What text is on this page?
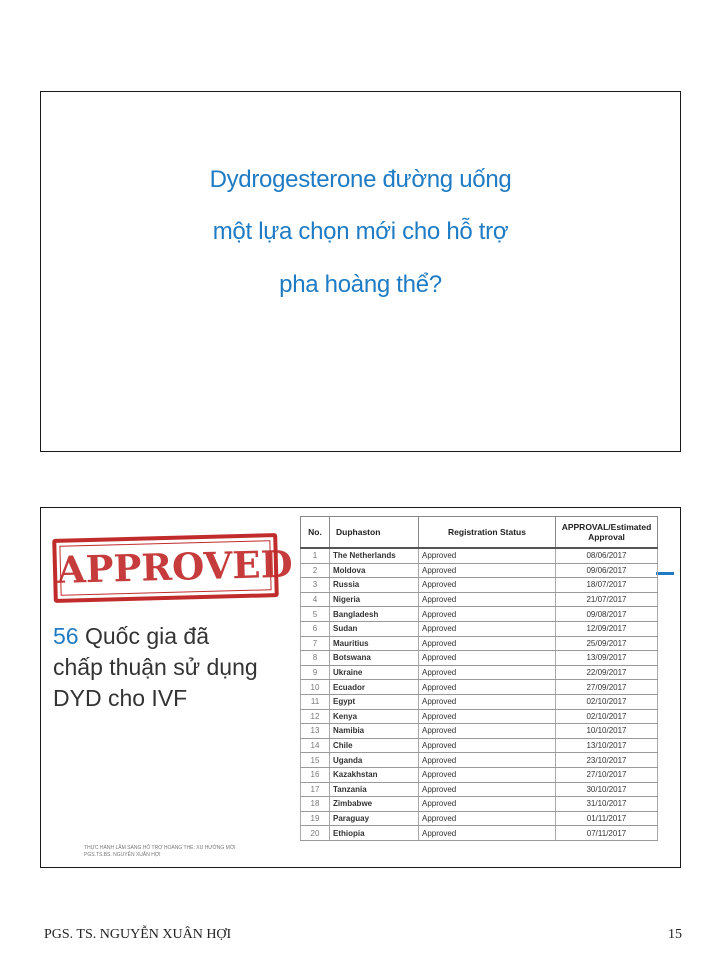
Dydrogesterone đường uống
một lựa chọn mới cho hỗ trợ
pha hoàng thể?
APPROVED
56 Quốc gia đã
chấp thuận sử dụng
DYD cho IVF
THỰC HÀNH LÂM SÀNG HỖ TRỢ HOÀNG THỂ: XU HƯỚNG MỚI
PGS.TS.BS. NGUYỄN XUÂN HỢI
No.	Duphaston	Registration Status	APPROVAL/Estimated Approval
1	The Netherlands	Approved	08/06/2017
2	Moldova	Approved	09/06/2017
3	Russia	Approved	18/07/2017
4	Nigeria	Approved	21/07/2017
5	Bangladesh	Approved	09/08/2017
6	Sudan	Approved	12/09/2017
7	Mauritius	Approved	25/09/2017
8	Botswana	Approved	13/09/2017
9	Ukraine	Approved	22/09/2017
10	Ecuador	Approved	27/09/2017
11	Egypt	Approved	02/10/2017
12	Kenya	Approved	02/10/2017
13	Namibia	Approved	10/10/2017
14	Chile	Approved	13/10/2017
15	Uganda	Approved	23/10/2017
16	Kazakhstan	Approved	27/10/2017
17	Tanzania	Approved	30/10/2017
18	Zimbabwe	Approved	31/10/2017
19	Paraguay	Approved	01/11/2017
20	Ethiopia	Approved	07/11/2017
PGS. TS. NGUYỄN XUÂN HỢI	15
